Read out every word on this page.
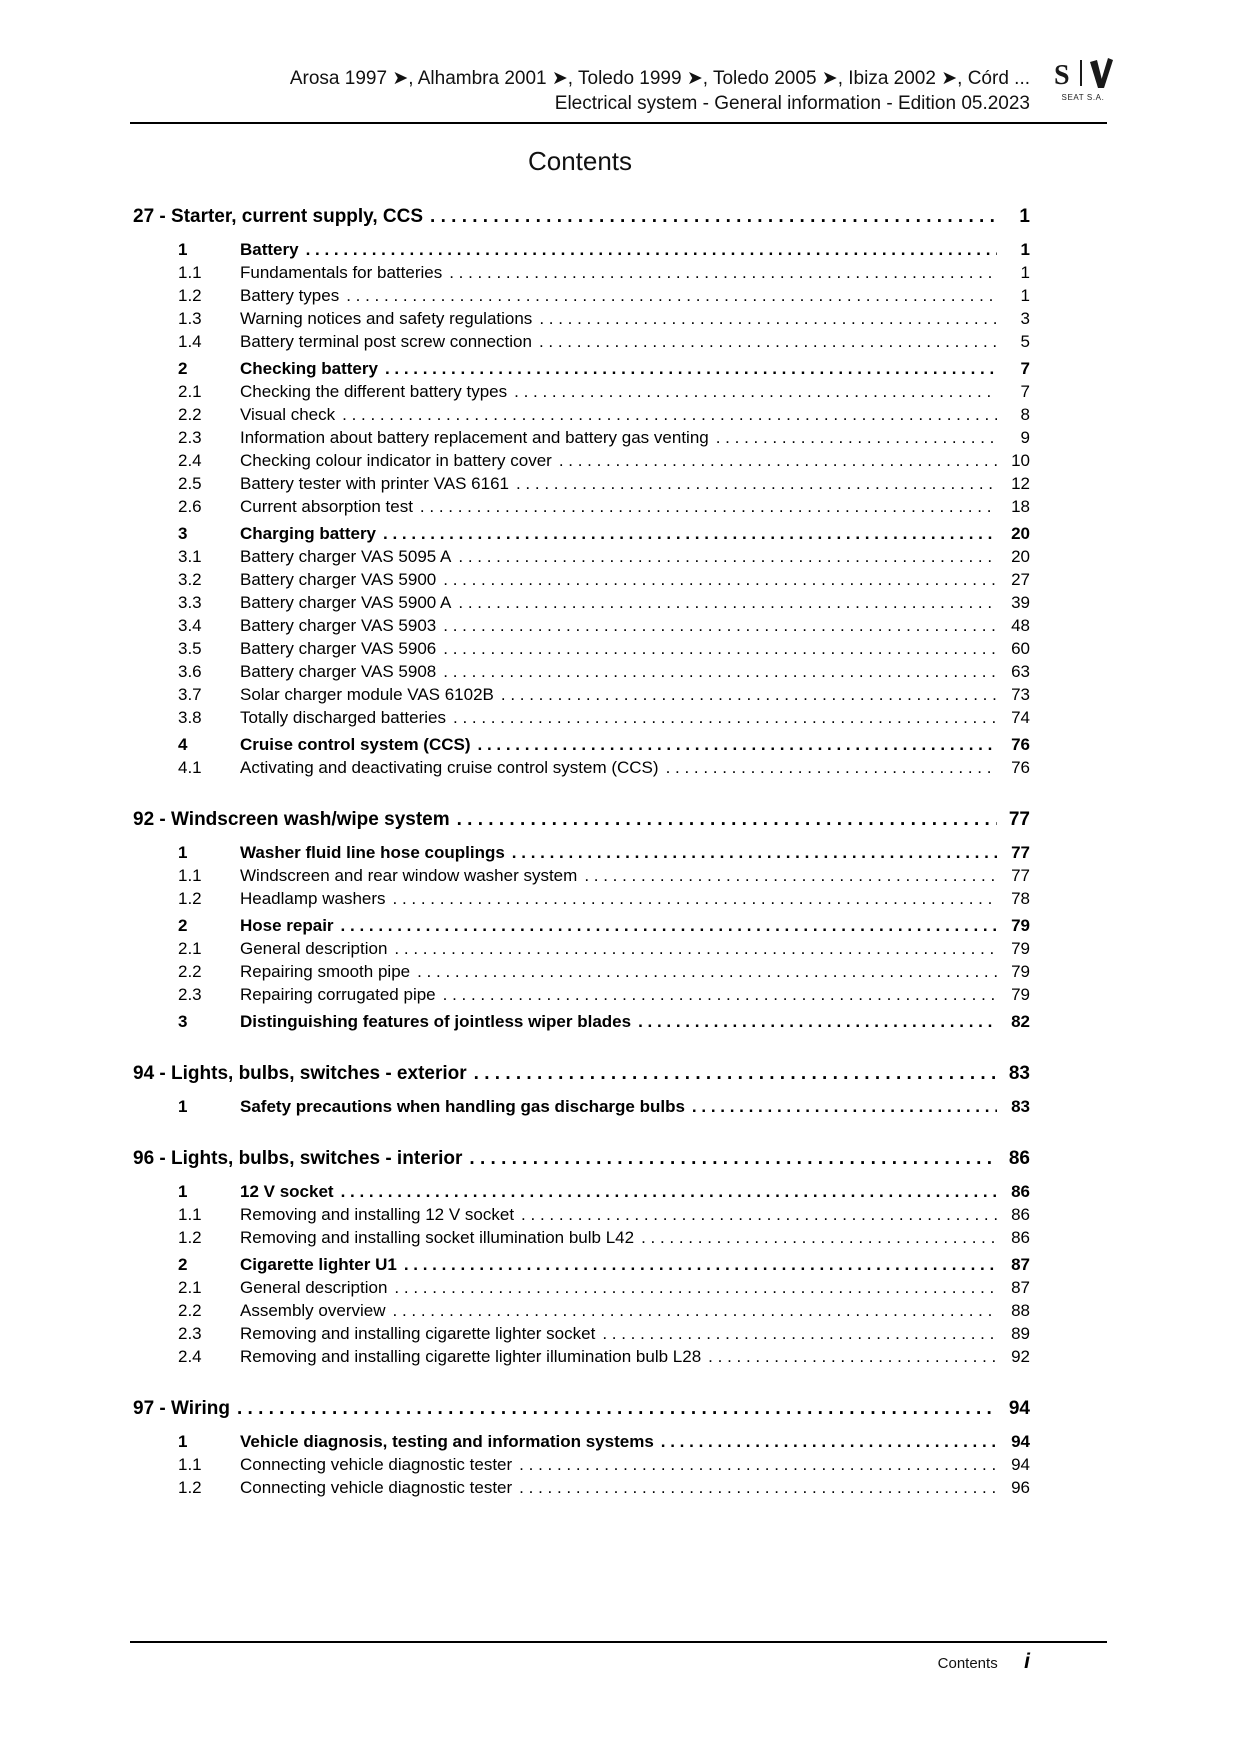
Arosa 1997 ➤, Alhambra 2001 ➤, Toledo 1999 ➤, Toledo 2005 ➤, Ibiza 2002 ➤, Córd ...
Electrical system - General information - Edition 05.2023
S
SEAT S.A.
Contents
27 - Starter, current supply, CCS . . .	1
1	Battery . . .	1
1.1	Fundamentals for batteries . . .	1
1.2	Battery types . . .	1
1.3	Warning notices and safety regulations . . .	3
1.4	Battery terminal post screw connection . . .	5
2	Checking battery . . .	7
2.1	Checking the different battery types . . .	7
2.2	Visual check . . .	8
2.3	Information about battery replacement and battery gas venting . . .	9
2.4	Checking colour indicator in battery cover . . .	10
2.5	Battery tester with printer VAS 6161 . . .	12
2.6	Current absorption test . . .	18
3	Charging battery . . .	20
3.1	Battery charger VAS 5095 A . . .	20
3.2	Battery charger VAS 5900 . . .	27
3.3	Battery charger VAS 5900 A . . .	39
3.4	Battery charger VAS 5903 . . .	48
3.5	Battery charger VAS 5906 . . .	60
3.6	Battery charger VAS 5908 . . .	63
3.7	Solar charger module VAS 6102B . . .	73
3.8	Totally discharged batteries . . .	74
4	Cruise control system (CCS) . . .	76
4.1	Activating and deactivating cruise control system (CCS) . . .	76
92 - Windscreen wash/wipe system . . .	77
1	Washer fluid line hose couplings . . .	77
1.1	Windscreen and rear window washer system . . .	77
1.2	Headlamp washers . . .	78
2	Hose repair . . .	79
2.1	General description . . .	79
2.2	Repairing smooth pipe . . .	79
2.3	Repairing corrugated pipe . . .	79
3	Distinguishing features of jointless wiper blades . . .	82
94 - Lights, bulbs, switches - exterior . . .	83
1	Safety precautions when handling gas discharge bulbs . . .	83
96 - Lights, bulbs, switches - interior . . .	86
1	12 V socket . . .	86
1.1	Removing and installing 12 V socket . . .	86
1.2	Removing and installing socket illumination bulb L42 . . .	86
2	Cigarette lighter U1 . . .	87
2.1	General description . . .	87
2.2	Assembly overview . . .	88
2.3	Removing and installing cigarette lighter socket . . .	89
2.4	Removing and installing cigarette lighter illumination bulb L28 . . .	92
97 - Wiring . . .	94
1	Vehicle diagnosis, testing and information systems . . .	94
1.1	Connecting vehicle diagnostic tester . . .	94
1.2	Connecting vehicle diagnostic tester . . .	96
Contents i
